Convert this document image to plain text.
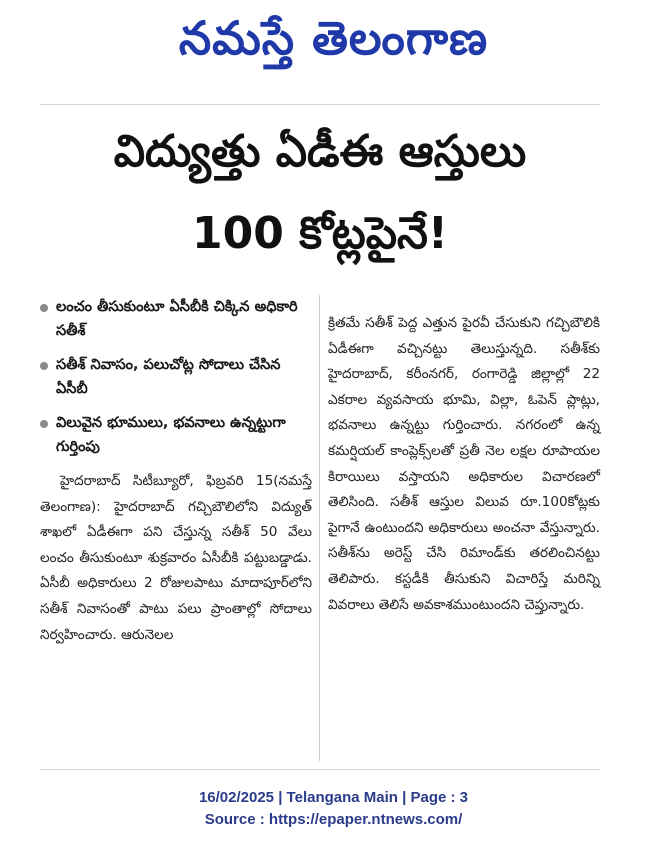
నమస్తే తెలంగాణ
విద్యుత్తు ఏడీఈ ఆస్తులు
100 కోట్లపైనే!
లంచం తీసుకుంటూ ఏసీబీకి చిక్కిన అధికారి సతీశ్
సతీశ్ నివాసం, పలుచోట్ల సోదాలు చేసిన ఏసీబీ
విలువైన భూములు, భవనాలు ఉన్నట్టుగా గుర్తింపు
హైదరాబాద్ సిటీబ్యూరో, ఫిబ్రవరి 15(నమస్తే తెలంగాణ): హైదరాబాద్ గచ్చిబౌలిలోని విద్యుత్ శాఖలో ఏడీఈగా పని చేస్తున్న సతీశ్ 50 వేలు లంచం తీసుకుంటూ శుక్రవారం ఏసీబీకి పట్టుబడ్డాడు. ఏసీబీ అధికారులు 2 రోజులపాటు మాదాపూర్‌లోని సతీశ్ నివాసంతో పాటు పలు ప్రాంతాల్లో సోదాలు నిర్వహించారు. ఆరునెలల
క్రితమే సతీశ్ పెద్ద ఎత్తున పైరవీ చేసుకుని గచ్చిబౌలికి ఏడీఈగా వచ్చినట్టు తెలుస్తున్నది. సతీశ్‌కు హైదరాబాద్, కరీంనగర్, రంగారెడ్డి జిల్లాల్లో 22 ఎకరాల వ్యవసాయ భూమి, విల్లా, ఓపెన్ ప్లాట్లు, భవనాలు ఉన్నట్టు గుర్తించారు. నగరంలో ఉన్న కమర్షియల్ కాంప్లెక్స్‌లతో ప్రతీ నెల లక్షల రూపాయల కిరాయిలు వస్తాయని అధికారుల విచారణలో తెలిసింది. సతీశ్ ఆస్తుల విలువ రూ.100కోట్లకు పైగానే ఉంటుందని అధికారులు అంచనా వేస్తున్నారు. సతీశ్‌ను అరెస్ట్ చేసి రిమాండ్‌కు తరలించినట్టు తెలిపారు. కస్టడీకి తీసుకుని విచారిస్తే మరిన్ని వివరాలు తెలిసే అవకాశముంటుందని చెప్తున్నారు.
16/02/2025 | Telangana Main | Page : 3
Source : https://epaper.ntnews.com/
